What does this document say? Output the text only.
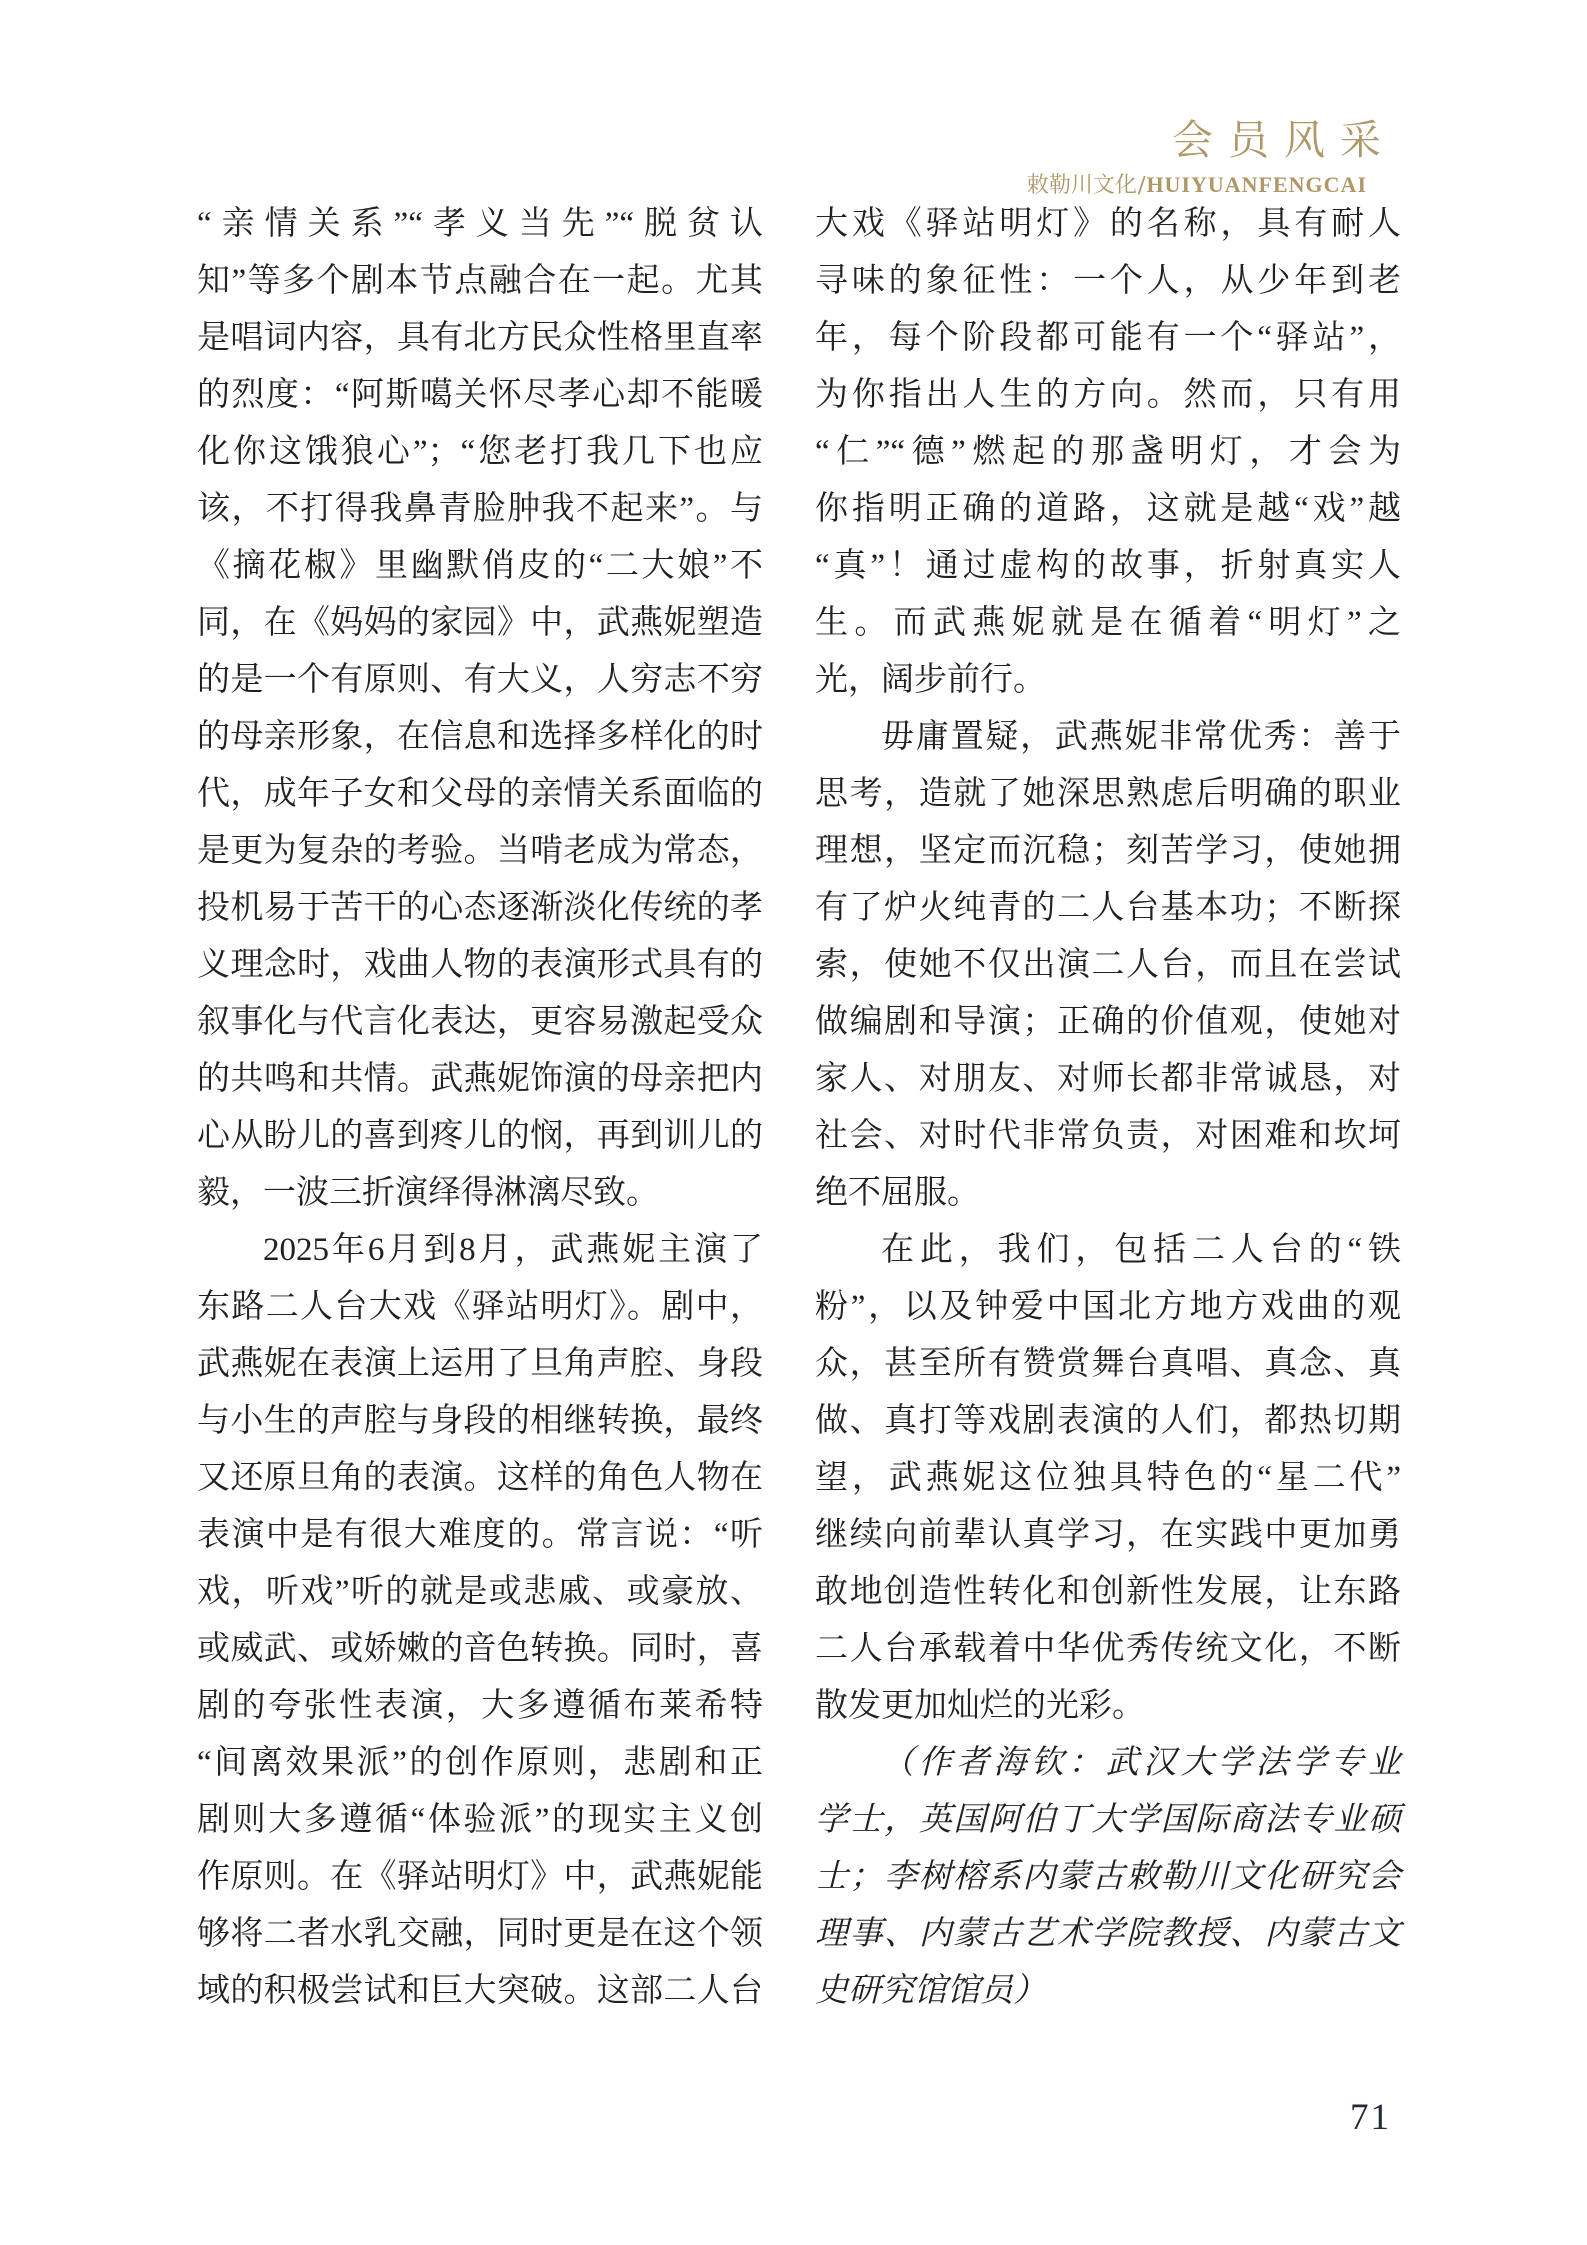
会员风采
敕勒川文化/HUIYUANFENGCAI
“亲情关系”“孝义当先”“脱贫认
知”等多个剧本节点融合在一起。尤其
是唱词内容，具有北方民众性格里直率
的烈度：“阿斯噶关怀尽孝心却不能暖
化你这饿狼心”；“您老打我几下也应
该，不打得我鼻青脸肿我不起来”。与
《摘花椒》里幽默俏皮的“二大娘”不
同，在《妈妈的家园》中，武燕妮塑造
的是一个有原则、有大义，人穷志不穷
的母亲形象，在信息和选择多样化的时
代，成年子女和父母的亲情关系面临的
是更为复杂的考验。当啃老成为常态，
投机易于苦干的心态逐渐淡化传统的孝
义理念时，戏曲人物的表演形式具有的
叙事化与代言化表达，更容易激起受众
的共鸣和共情。武燕妮饰演的母亲把内
心从盼儿的喜到疼儿的悯，再到训儿的
毅，一波三折演绎得淋漓尽致。
2025年6月到8月，武燕妮主演了
东路二人台大戏《驿站明灯》。剧中，
武燕妮在表演上运用了旦角声腔、身段
与小生的声腔与身段的相继转换，最终
又还原旦角的表演。这样的角色人物在
表演中是有很大难度的。常言说：“听
戏，听戏”听的就是或悲戚、或豪放、
或威武、或娇嫩的音色转换。同时，喜
剧的夸张性表演，大多遵循布莱希特
“间离效果派”的创作原则，悲剧和正
剧则大多遵循“体验派”的现实主义创
作原则。在《驿站明灯》中，武燕妮能
够将二者水乳交融，同时更是在这个领
域的积极尝试和巨大突破。这部二人台
大戏《驿站明灯》的名称，具有耐人
寻味的象征性：一个人，从少年到老
年，每个阶段都可能有一个“驿站”，
为你指出人生的方向。然而，只有用
“仁”“德”燃起的那盏明灯，才会为
你指明正确的道路，这就是越“戏”越
“真”！通过虚构的故事，折射真实人
生。而武燕妮就是在循着“明灯”之
光，阔步前行。
毋庸置疑，武燕妮非常优秀：善于
思考，造就了她深思熟虑后明确的职业
理想，坚定而沉稳；刻苦学习，使她拥
有了炉火纯青的二人台基本功；不断探
索，使她不仅出演二人台，而且在尝试
做编剧和导演；正确的价值观，使她对
家人、对朋友、对师长都非常诚恳，对
社会、对时代非常负责，对困难和坎坷
绝不屈服。
在此，我们，包括二人台的“铁
粉”，以及钟爱中国北方地方戏曲的观
众，甚至所有赞赏舞台真唱、真念、真
做、真打等戏剧表演的人们，都热切期
望，武燕妮这位独具特色的“星二代”
继续向前辈认真学习，在实践中更加勇
敢地创造性转化和创新性发展，让东路
二人台承载着中华优秀传统文化，不断
散发更加灿烂的光彩。
（作者海钦：武汉大学法学专业
学士，英国阿伯丁大学国际商法专业硕
士；李树榕系内蒙古敕勒川文化研究会
理事、内蒙古艺术学院教授、内蒙古文
史研究馆馆员）
71
